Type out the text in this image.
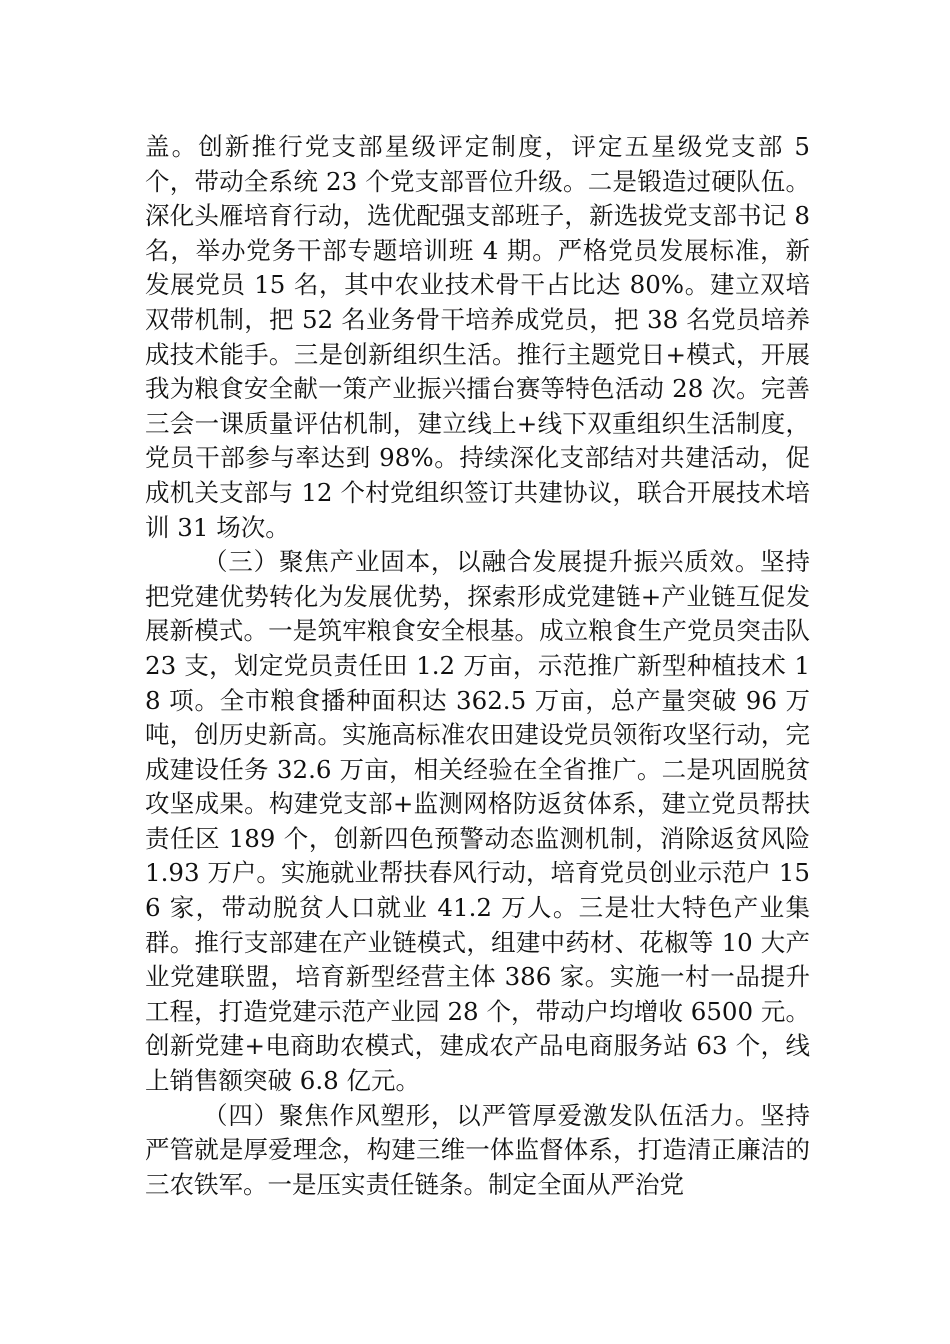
盖。创新推行党支部星级评定制度，评定五星级党支部 5 个，带动全系统 23 个党支部晋位升级。二是锻造过硬队伍。深化头雁培育行动，选优配强支部班子，新选拔党支部书记 8 名，举办党务干部专题培训班 4 期。严格党员发展标准，新发展党员 15 名，其中农业技术骨干占比达 80%。建立双培双带机制，把 52 名业务骨干培养成党员，把 38 名党员培养成技术能手。三是创新组织生活。推行主题党日+模式，开展我为粮食安全献一策产业振兴擂台赛等特色活动 28 次。完善三会一课质量评估机制，建立线上+线下双重组织生活制度，党员干部参与率达到 98%。持续深化支部结对共建活动，促成机关支部与 12 个村党组织签订共建协议，联合开展技术培训 31 场次。

（三）聚焦产业固本，以融合发展提升振兴质效。坚持把党建优势转化为发展优势，探索形成党建链+产业链互促发展新模式。一是筑牢粮食安全根基。成立粮食生产党员突击队 23 支，划定党员责任田 1.2 万亩，示范推广新型种植技术 18 项。全市粮食播种面积达 362.5 万亩，总产量突破 96 万吨，创历史新高。实施高标准农田建设党员领衔攻坚行动，完成建设任务 32.6 万亩，相关经验在全省推广。二是巩固脱贫攻坚成果。构建党支部+监测网格防返贫体系，建立党员帮扶责任区 189 个，创新四色预警动态监测机制，消除返贫风险 1.93 万户。实施就业帮扶春风行动，培育党员创业示范户 156 家，带动脱贫人口就业 41.2 万人。三是壮大特色产业集群。推行支部建在产业链模式，组建中药材、花椒等 10 大产业党建联盟，培育新型经营主体 386 家。实施一村一品提升工程，打造党建示范产业园 28 个，带动户均增收 6500 元。创新党建+电商助农模式，建成农产品电商服务站 63 个，线上销售额突破 6.8 亿元。

（四）聚焦作风塑形，以严管厚爱激发队伍活力。坚持严管就是厚爱理念，构建三维一体监督体系，打造清正廉洁的三农铁军。一是压实责任链条。制定全面从严治党
